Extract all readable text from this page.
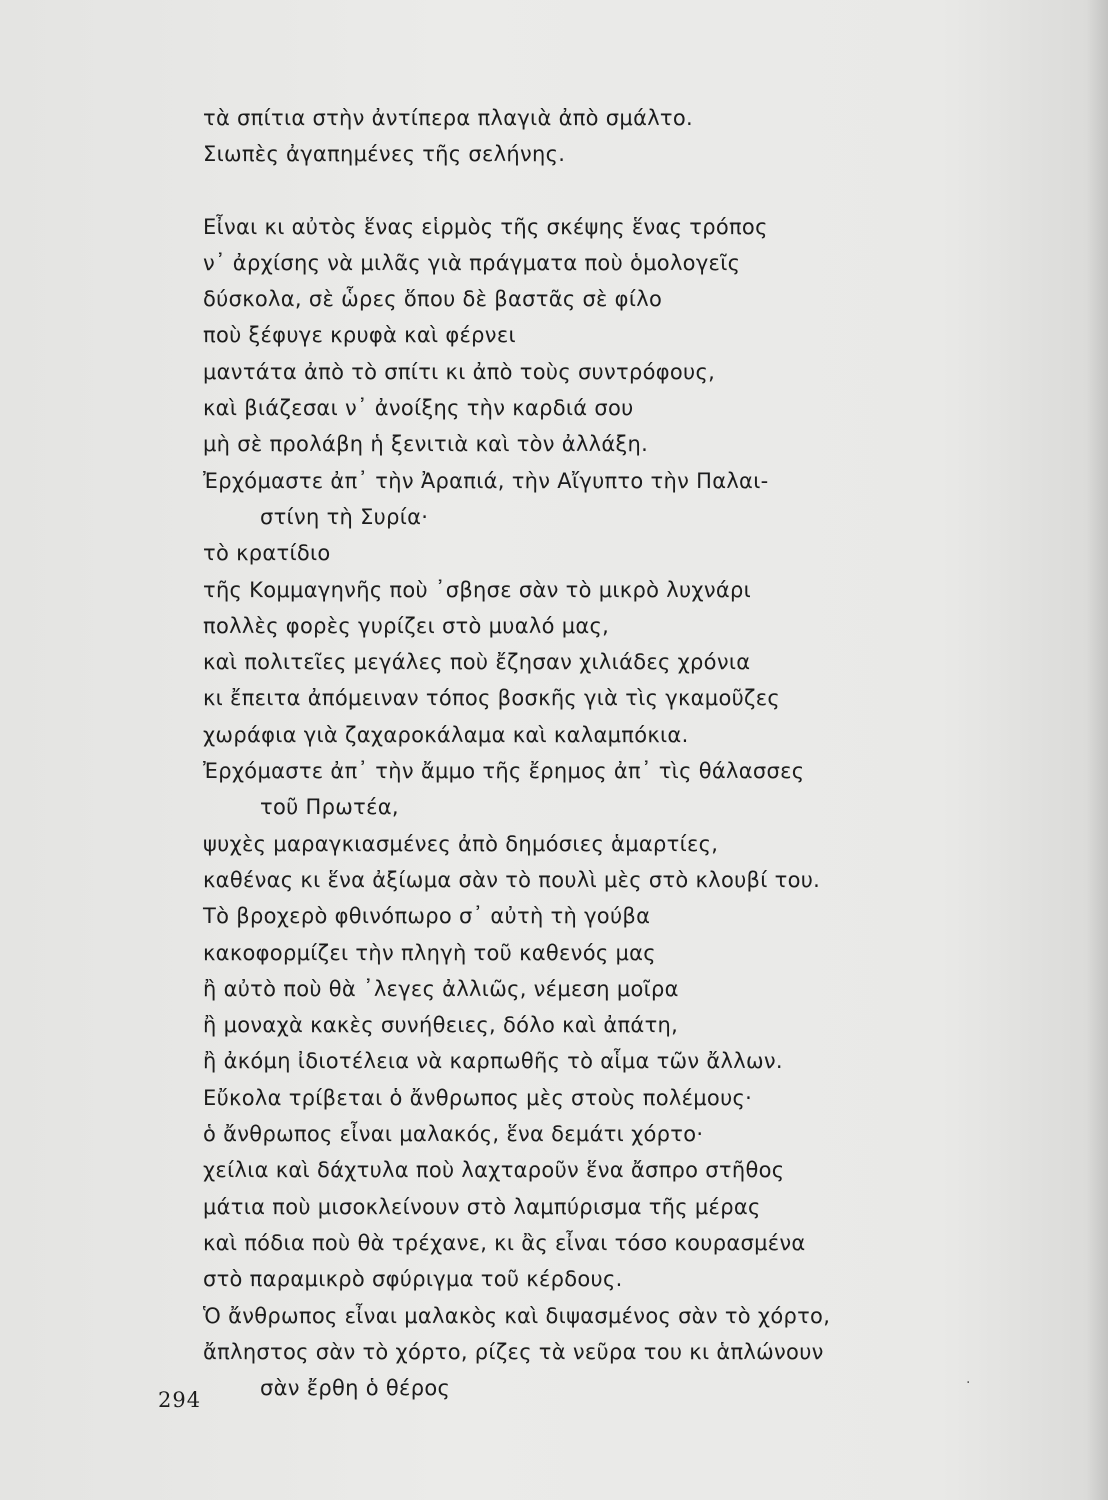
τὰ σπίτια στὴν ἀντίπερα πλαγιὰ ἀπὸ σμάλτο.
Σιωπὲς ἀγαπημένες τῆς σελήνης.
Εἶναι κι αὐτὸς ἕνας εἱρμὸς τῆς σκέψης ἕνας τρόπος
ν᾽ ἀρχίσης νὰ μιλᾶς γιὰ πράγματα ποὺ ὁμολογεῖς
δύσκολα, σὲ ὧρες ὅπου δὲ βαστᾶς σὲ φίλο
ποὺ ξέφυγε κρυφὰ καὶ φέρνει
μαντάτα ἀπὸ τὸ σπίτι κι ἀπὸ τοὺς συντρόφους,
καὶ βιάζεσαι ν᾽ ἀνοίξης τὴν καρδιά σου
μὴ σὲ προλάβη ἡ ξενιτιὰ καὶ τὸν ἀλλάξη.
Ἐρχόμαστε ἀπ᾽ τὴν Ἀραπιά, τὴν Αἴγυπτο τὴν Παλαι-
στίνη τὴ Συρία·
τὸ κρατίδιο
τῆς Κομμαγηνῆς ποὺ ᾽σβησε σὰν τὸ μικρὸ λυχνάρι
πολλὲς φορὲς γυρίζει στὸ μυαλό μας,
καὶ πολιτεῖες μεγάλες ποὺ ἔζησαν χιλιάδες χρόνια
κι ἔπειτα ἀπόμειναν τόπος βοσκῆς γιὰ τὶς γκαμοῦζες
χωράφια γιὰ ζαχαροκάλαμα καὶ καλαμπόκια.
Ἐρχόμαστε ἀπ᾽ τὴν ἄμμο τῆς ἔρημος ἀπ᾽ τὶς θάλασσες
τοῦ Πρωτέα,
ψυχὲς μαραγκιασμένες ἀπὸ δημόσιες ἁμαρτίες,
καθένας κι ἕνα ἀξίωμα σὰν τὸ πουλὶ μὲς στὸ κλουβί του.
Τὸ βροχερὸ φθινόπωρο σ᾽ αὐτὴ τὴ γούβα
κακοφορμίζει τὴν πληγὴ τοῦ καθενός μας
ἢ αὐτὸ ποὺ θὰ ᾽λεγες ἀλλιῶς, νέμεση μοῖρα
ἢ μοναχὰ κακὲς συνήθειες, δόλο καὶ ἀπάτη,
ἢ ἀκόμη ἰδιοτέλεια νὰ καρπωθῆς τὸ αἷμα τῶν ἄλλων.
Εὔκολα τρίβεται ὁ ἄνθρωπος μὲς στοὺς πολέμους·
ὁ ἄνθρωπος εἶναι μαλακός, ἕνα δεμάτι χόρτο·
χείλια καὶ δάχτυλα ποὺ λαχταροῦν ἕνα ἄσπρο στῆθος
μάτια ποὺ μισοκλείνουν στὸ λαμπύρισμα τῆς μέρας
καὶ πόδια ποὺ θὰ τρέχανε, κι ἂς εἶναι τόσο κουρασμένα
στὸ παραμικρὸ σφύριγμα τοῦ κέρδους.
Ὁ ἄνθρωπος εἶναι μαλακὸς καὶ διψασμένος σὰν τὸ χόρτο,
ἄπληστος σὰν τὸ χόρτο, ρίζες τὰ νεῦρα του κι ἁπλώνουν
σὰν ἔρθη ὁ θέρος
294
·
